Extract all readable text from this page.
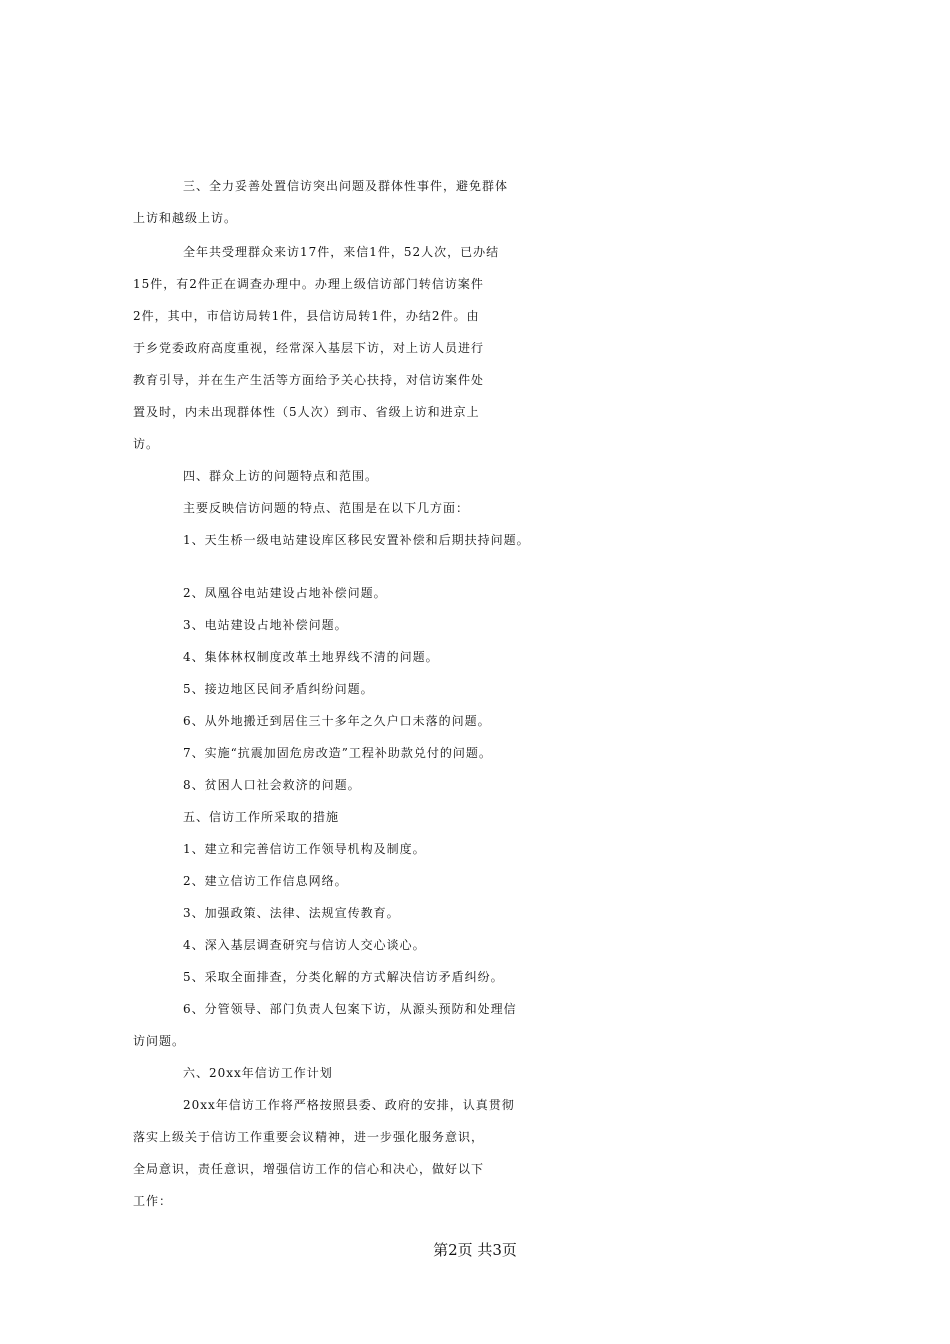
三、全力妥善处置信访突出问题及群体性事件，避免群体
上访和越级上访。
全年共受理群众来访17件，来信1件，52人次，已办结
15件，有2件正在调查办理中。办理上级信访部门转信访案件
2件，其中，市信访局转1件，县信访局转1件，办结2件。由
于乡党委政府高度重视，经常深入基层下访，对上访人员进行
教育引导，并在生产生活等方面给予关心扶持，对信访案件处
置及时，内未出现群体性（5人次）到市、省级上访和进京上
访。
四、群众上访的问题特点和范围。
主要反映信访问题的特点、范围是在以下几方面：
1、天生桥一级电站建设库区移民安置补偿和后期扶持问题。
2、凤凰谷电站建设占地补偿问题。
3、电站建设占地补偿问题。
4、集体林权制度改革土地界线不清的问题。
5、接边地区民间矛盾纠纷问题。
6、从外地搬迁到居住三十多年之久户口未落的问题。
7、实施“抗震加固危房改造”工程补助款兑付的问题。
8、贫困人口社会救济的问题。
五、信访工作所采取的措施
1、建立和完善信访工作领导机构及制度。
2、建立信访工作信息网络。
3、加强政策、法律、法规宣传教育。
4、深入基层调查研究与信访人交心谈心。
5、采取全面排查，分类化解的方式解决信访矛盾纠纷。
6、分管领导、部门负责人包案下访，从源头预防和处理信
访问题。
六、20xx年信访工作计划
20xx年信访工作将严格按照县委、政府的安排，认真贯彻
落实上级关于信访工作重要会议精神，进一步强化服务意识，
全局意识，责任意识，增强信访工作的信心和决心，做好以下
工作：
第2页 共3页
